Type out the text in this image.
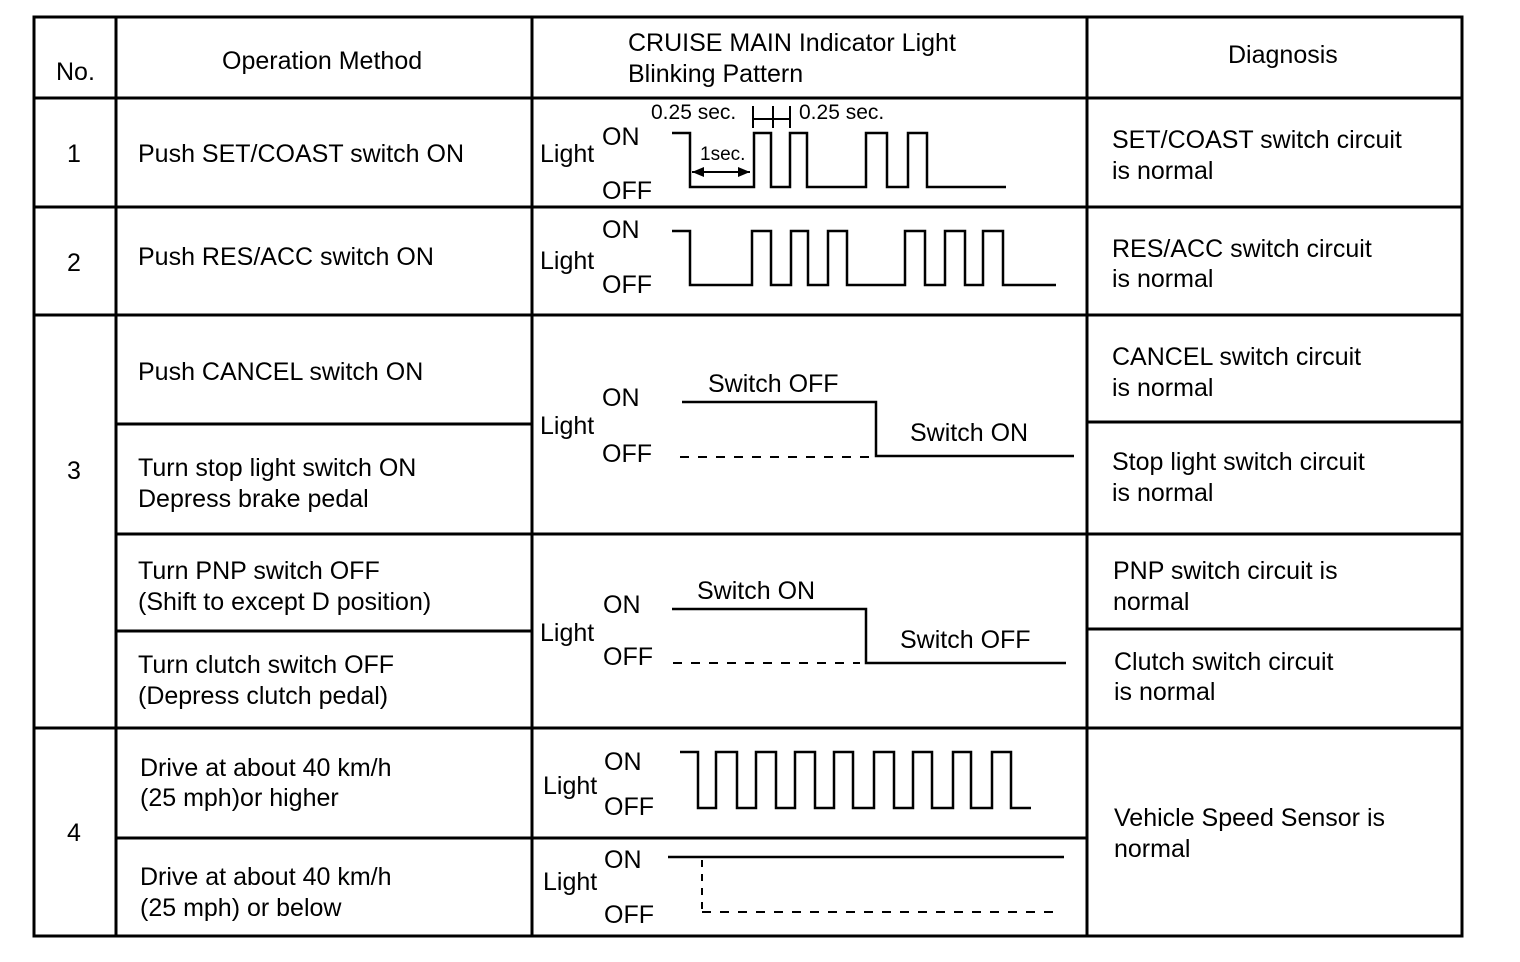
No.	Operation Method
CRUISE MAIN Indicator Light
Blinking Pattern
Diagnosis
1
2
3
4
Push SET/COAST switch ON
Push RES/ACC switch ON
Push CANCEL switch ON
Turn stop light switch ON
Depress brake pedal
Turn PNP switch OFF
(Shift to except D position)
Turn clutch switch OFF
(Depress clutch pedal)
Drive at about 40 km/h
(25 mph)or higher
Drive at about 40 km/h
(25 mph) or below
SET/COAST switch circuit
is normal
RES/ACC switch circuit
is normal
CANCEL switch circuit
is normal
Stop light switch circuit
is normal
PNP switch circuit is
normal
Clutch switch circuit
is normal
Vehicle Speed Sensor is
normal
Light
ON
OFF
Light
ON
OFF
Light
ON
OFF
Light
ON
OFF
Light
ON
OFF
Light
ON
OFF
0.25 sec.	0.25 sec.
1sec.
Switch OFF
Switch ON
Switch ON
Switch OFF
